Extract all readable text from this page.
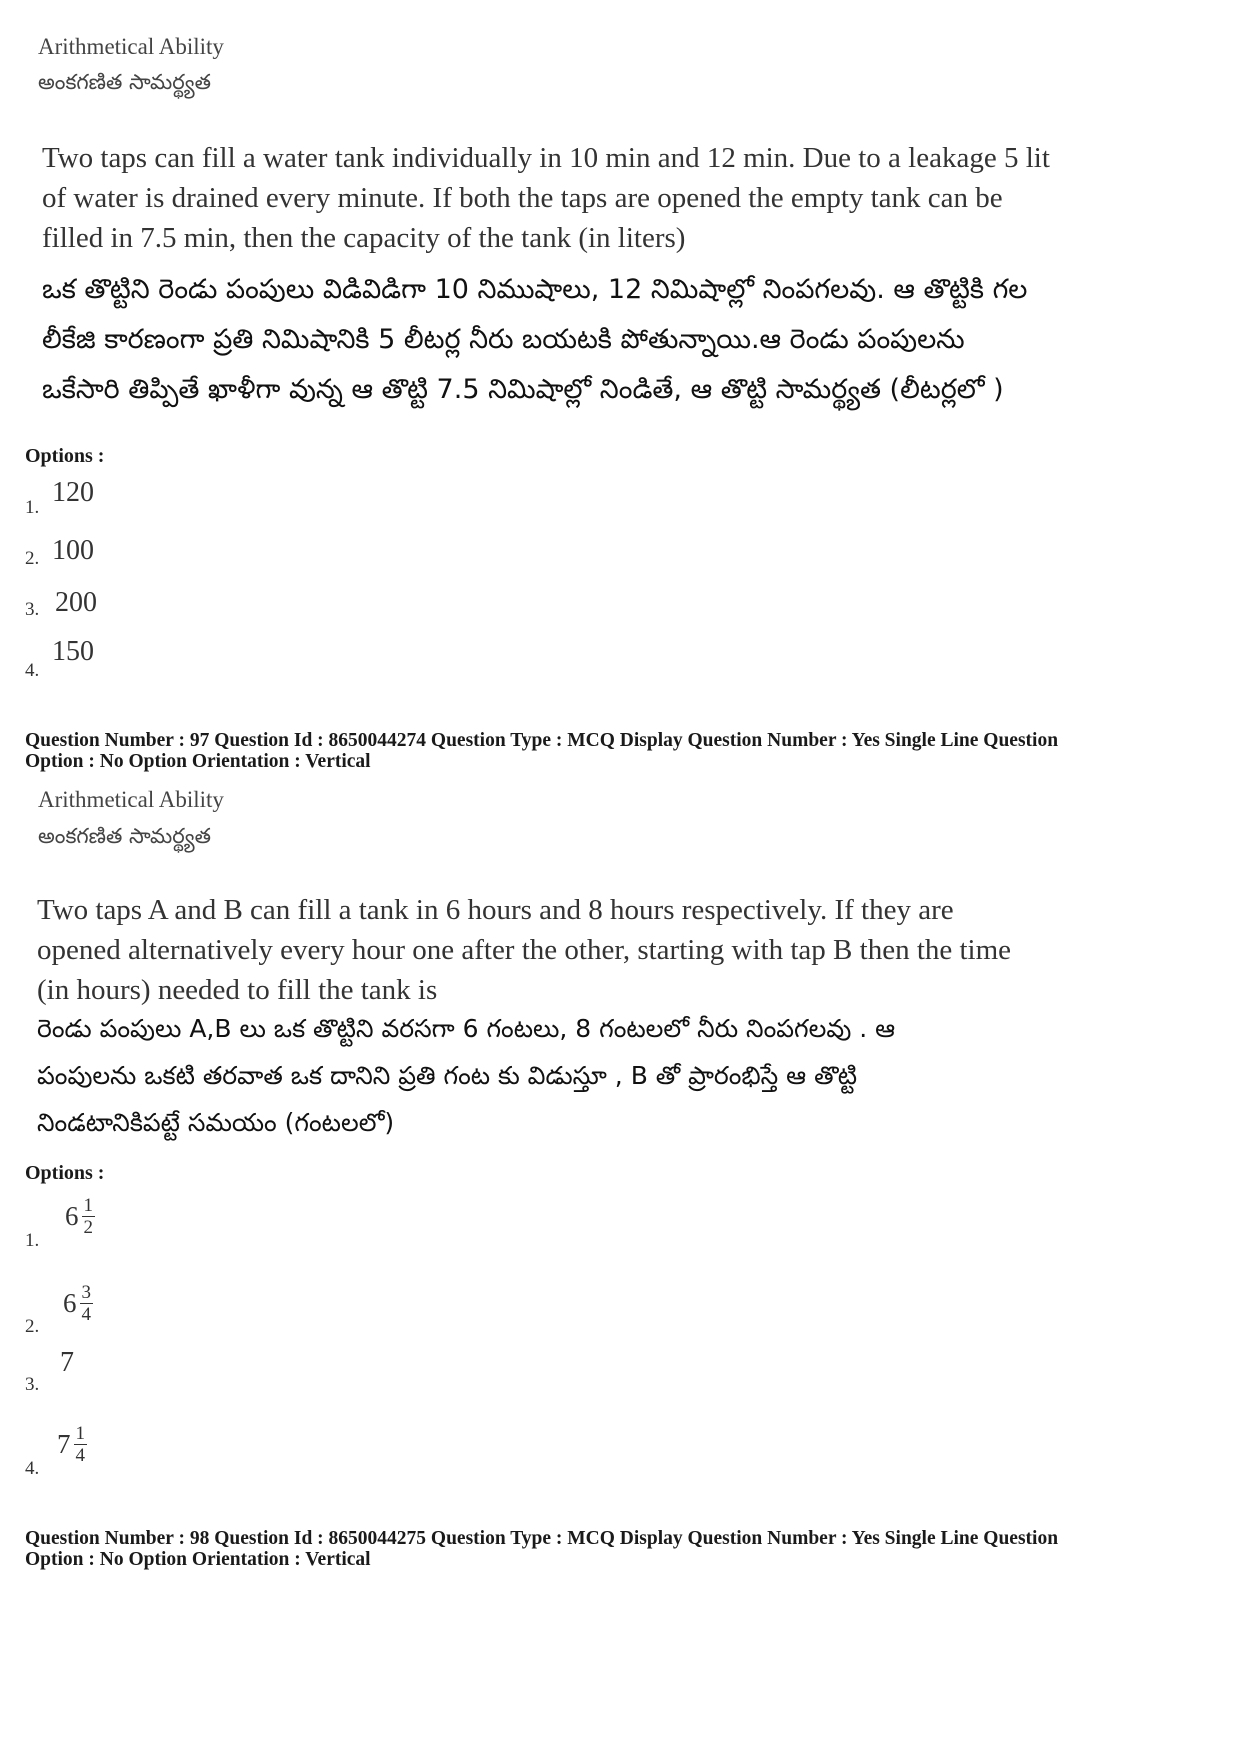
Arithmetical Ability
అంకగణిత సామర్థ్యత
Two taps can fill a water tank individually in 10 min and 12 min. Due to a leakage 5 lit
of water is drained every minute. If both the taps are opened the empty tank can be
filled in 7.5 min, then the capacity of the tank (in liters)
ఒక తొట్టిని రెండు పంపులు విడివిడిగా 10 నిముషాలు, 12 నిమిషాల్లో నింపగలవు. ఆ తొట్టికి గల
లీకేజి కారణంగా ప్రతి నిమిషానికి 5 లీటర్ల నీరు బయటకి పోతున్నాయి.ఆ రెండు పంపులను
ఒకేసారి తిప్పితే ఖాళీగా వున్న ఆ తొట్టి 7.5 నిమిషాల్లో నిండితే, ఆ తొట్టి సామర్థ్యత (లీటర్లలో )
Options :
1. 120
2. 100
3. 200
4.
150
Question Number : 97 Question Id : 8650044274 Question Type : MCQ Display Question Number : Yes Single Line Question
Option : No Option Orientation : Vertical
Arithmetical Ability
అంకగణిత సామర్థ్యత
Two taps A and B can fill a tank in 6 hours and 8 hours respectively. If they are
opened alternatively every hour one after the other, starting with tap B then the time
(in hours) needed to fill the tank is
రెండు పంపులు A,B లు ఒక తొట్టిని వరసగా 6 గంటలు, 8 గంటలలో నీరు నింపగలవు . ఆ
పంపులను ఒకటి తరవాత ఒక దానిని ప్రతి గంట కు విడుస్తూ , B తో ప్రారంభిస్తే ఆ తొట్టి
నిండటానికిపట్టే సమయం (గంటలలో)
Options :
1.
$6 \frac{1}{2}$
2.
$6 \frac{3}{4}$
3.
7
4.
$7 \frac{1}{4}$
Question Number : 98 Question Id : 8650044275 Question Type : MCQ Display Question Number : Yes Single Line Question
Option : No Option Orientation : Vertical
